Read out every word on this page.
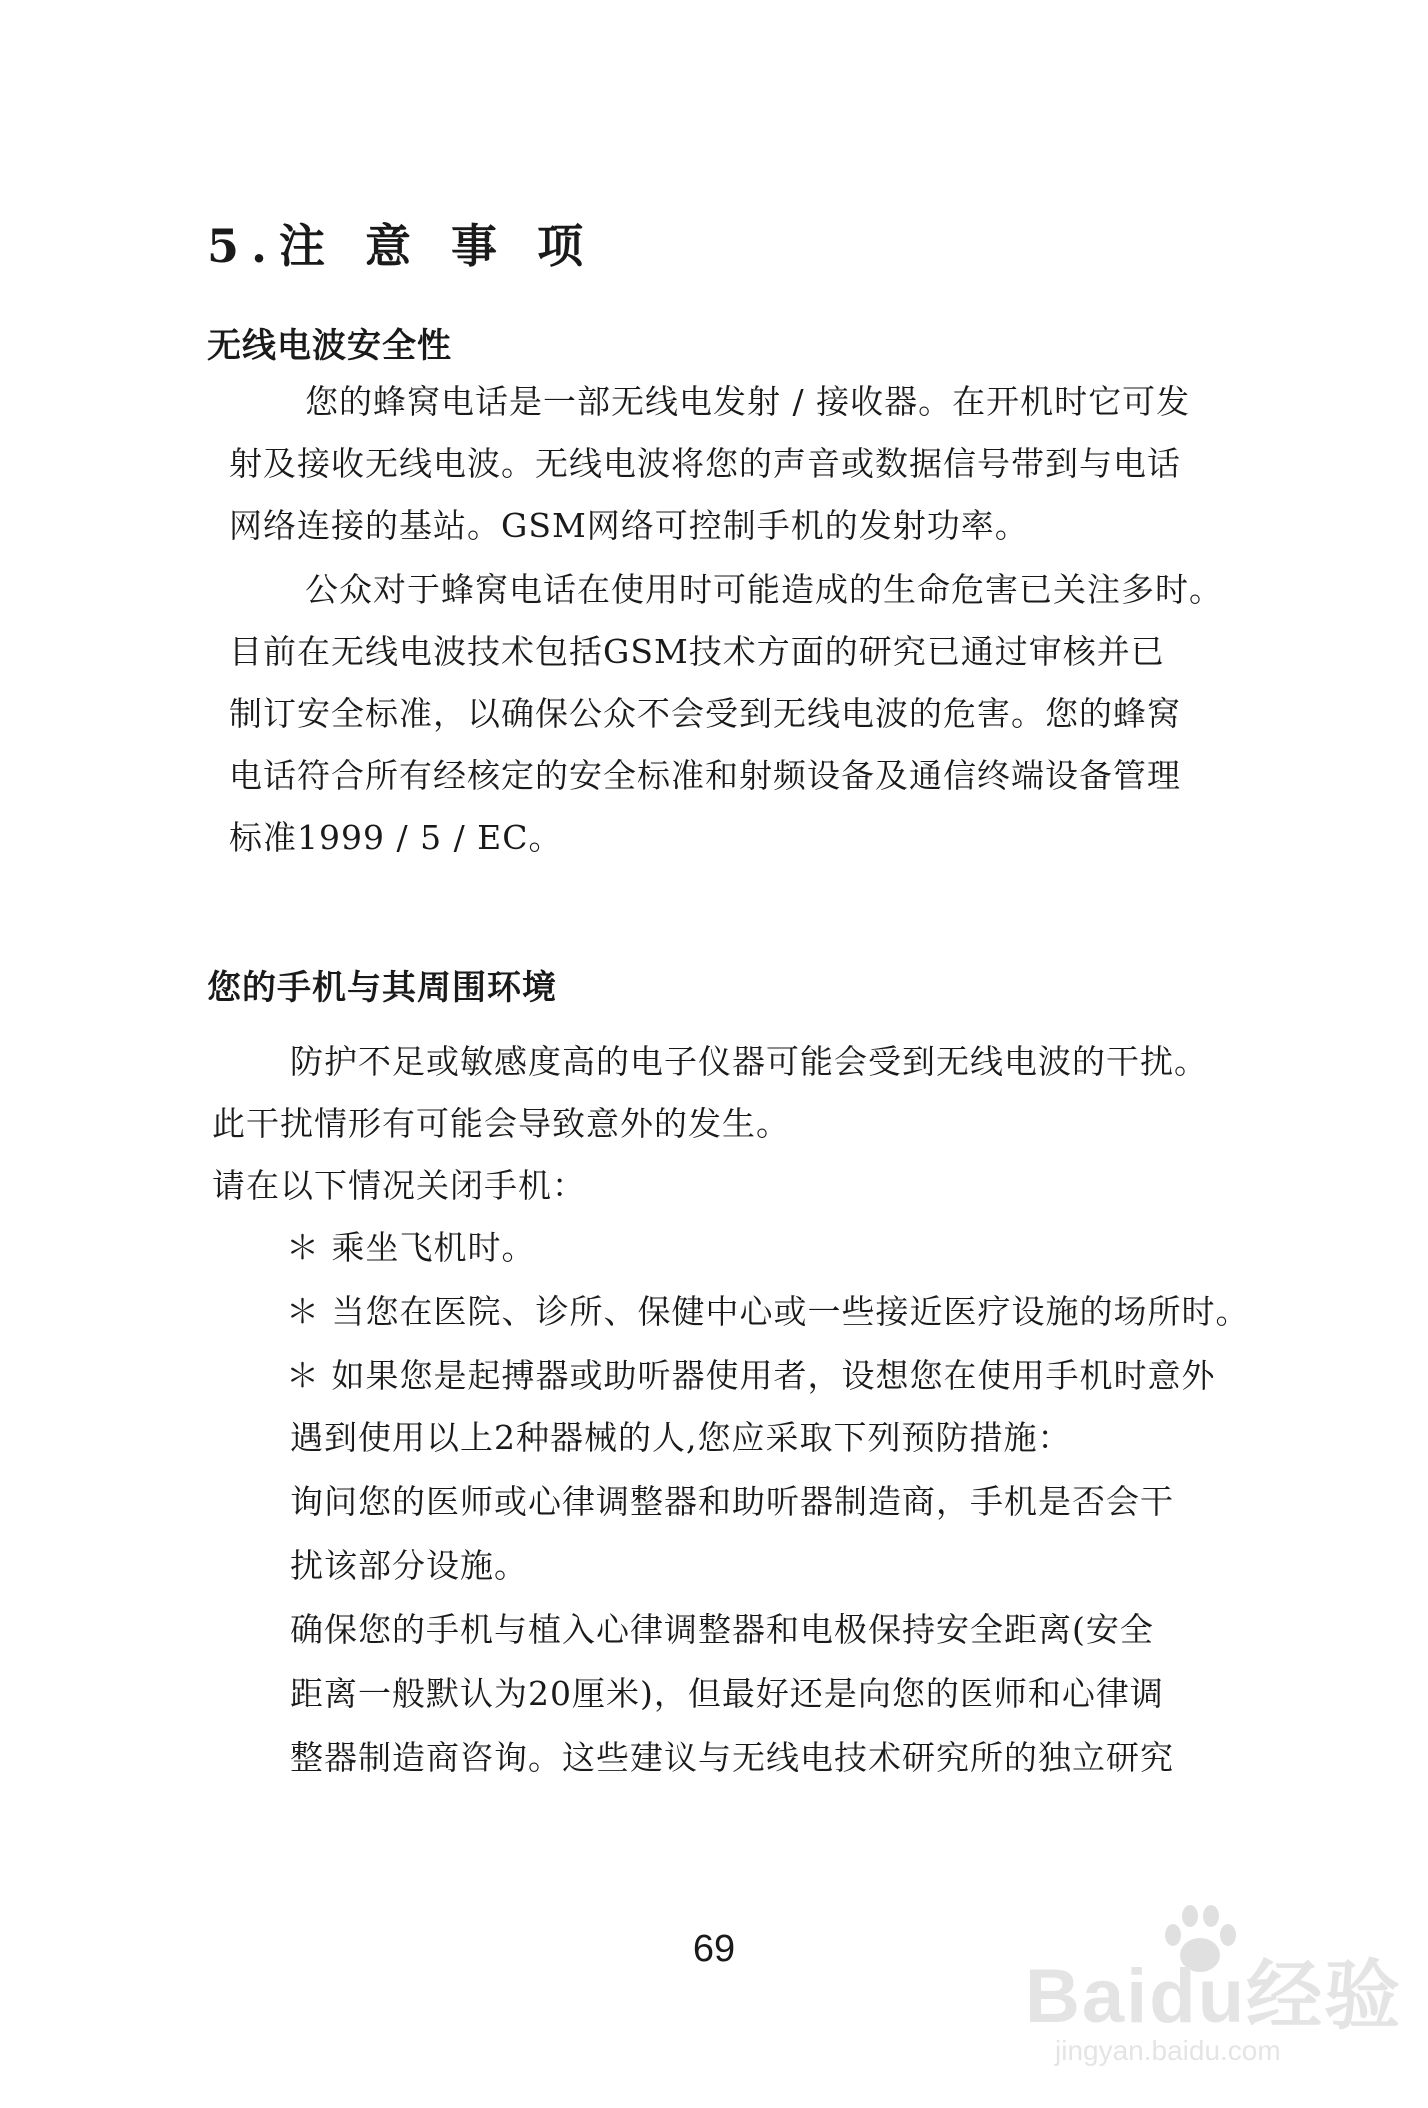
5.注 意 事 项
无线电波安全性
您的蜂窝电话是一部无线电发射 / 接收器。在开机时它可发
射及接收无线电波。无线电波将您的声音或数据信号带到与电话
网络连接的基站。GSM网络可控制手机的发射功率。
公众对于蜂窝电话在使用时可能造成的生命危害已关注多时。
目前在无线电波技术包括GSM技术方面的研究已通过审核并已
制订安全标准，以确保公众不会受到无线电波的危害。您的蜂窝
电话符合所有经核定的安全标准和射频设备及通信终端设备管理
标准1999 / 5 / EC。
您的手机与其周围环境
防护不足或敏感度高的电子仪器可能会受到无线电波的干扰。
此干扰情形有可能会导致意外的发生。
请在以下情况关闭手机：
＊ 乘坐飞机时。
＊ 当您在医院、诊所、保健中心或一些接近医疗设施的场所时。
＊ 如果您是起搏器或助听器使用者，设想您在使用手机时意外
遇到使用以上2种器械的人,您应采取下列预防措施：
询问您的医师或心律调整器和助听器制造商，手机是否会干
扰该部分设施。
确保您的手机与植入心律调整器和电极保持安全距离(安全
距离一般默认为20厘米)，但最好还是向您的医师和心律调
整器制造商咨询。这些建议与无线电技术研究所的独立研究
69
Baidu经验
jingyan.baidu.com
